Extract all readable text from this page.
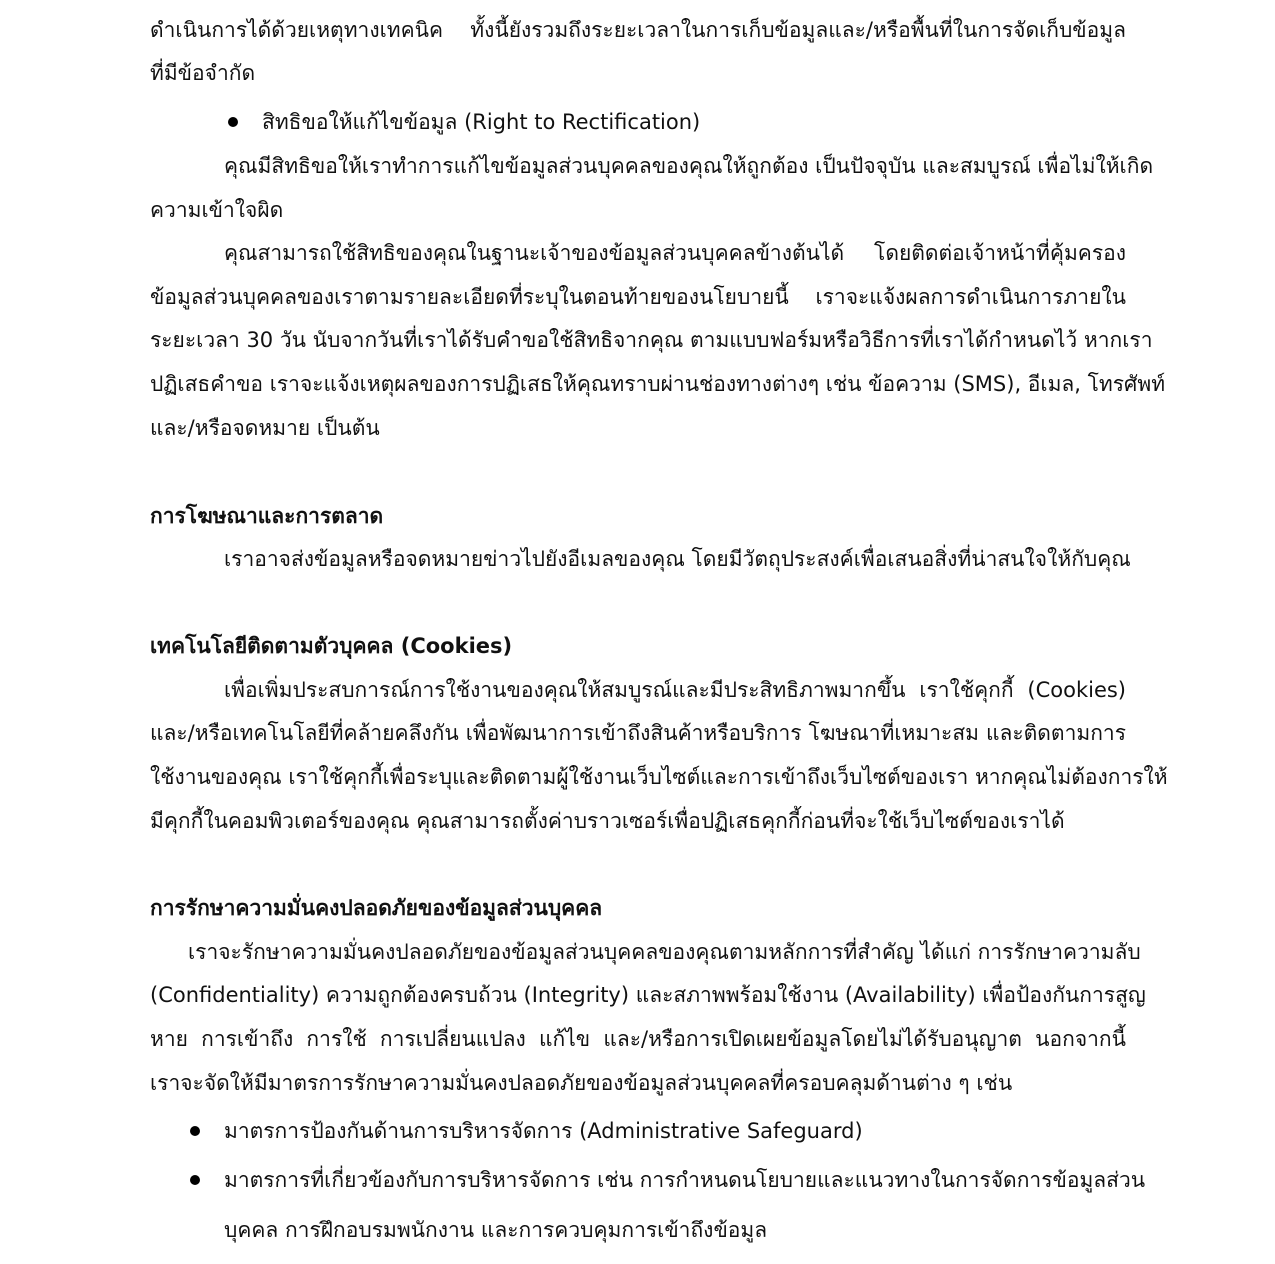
ดำเนินการได้ด้วยเหตุทางเทคนิค ทั้งนี้ยังรวมถึงระยะเวลาในการเก็บข้อมูลและ/หรือพื้นที่ในการจัดเก็บข้อมูล
ที่มีข้อจำกัด
สิทธิขอให้แก้ไขข้อมูล (Right to Rectification)
คุณมีสิทธิขอให้เราทำการแก้ไขข้อมูลส่วนบุคคลของคุณให้ถูกต้อง เป็นปัจจุบัน และสมบูรณ์ เพื่อไม่ให้เกิด
ความเข้าใจผิด
คุณสามารถใช้สิทธิของคุณในฐานะเจ้าของข้อมูลส่วนบุคคลข้างต้นได้ โดยติดต่อเจ้าหน้าที่คุ้มครอง
ข้อมูลส่วนบุคคลของเราตามรายละเอียดที่ระบุในตอนท้ายของนโยบายนี้ เราจะแจ้งผลการดำเนินการภายใน
ระยะเวลา 30 วัน นับจากวันที่เราได้รับคำขอใช้สิทธิจากคุณ ตามแบบฟอร์มหรือวิธีการที่เราได้กำหนดไว้ หากเรา
ปฏิเสธคำขอ เราจะแจ้งเหตุผลของการปฏิเสธให้คุณทราบผ่านช่องทางต่างๆ เช่น ข้อความ (SMS), อีเมล, โทรศัพท์
และ/หรือจดหมาย เป็นต้น
การโฆษณาและการตลาด
เราอาจส่งข้อมูลหรือจดหมายข่าวไปยังอีเมลของคุณ โดยมีวัตถุประสงค์เพื่อเสนอสิ่งที่น่าสนใจให้กับคุณ
เทคโนโลยีติดตามตัวบุคคล (Cookies)
เพื่อเพิ่มประสบการณ์การใช้งานของคุณให้สมบูรณ์และมีประสิทธิภาพมากขึ้น เราใช้คุกกี้ (Cookies)
และ/หรือเทคโนโลยีที่คล้ายคลึงกัน เพื่อพัฒนาการเข้าถึงสินค้าหรือบริการ โฆษณาที่เหมาะสม และติดตามการ
ใช้งานของคุณ เราใช้คุกกี้เพื่อระบุและติดตามผู้ใช้งานเว็บไซต์และการเข้าถึงเว็บไซต์ของเรา หากคุณไม่ต้องการให้
มีคุกกี้ในคอมพิวเตอร์ของคุณ คุณสามารถตั้งค่าบราวเซอร์เพื่อปฏิเสธคุกกี้ก่อนที่จะใช้เว็บไซต์ของเราได้
การรักษาความมั่นคงปลอดภัยของข้อมูลส่วนบุคคล
เราจะรักษาความมั่นคงปลอดภัยของข้อมูลส่วนบุคคลของคุณตามหลักการที่สำคัญ ได้แก่ การรักษาความลับ
(Confidentiality) ความถูกต้องครบถ้วน (Integrity) และสภาพพร้อมใช้งาน (Availability) เพื่อป้องกันการสูญ
หาย การเข้าถึง การใช้ การเปลี่ยนแปลง แก้ไข และ/หรือการเปิดเผยข้อมูลโดยไม่ได้รับอนุญาต นอกจากนี้
เราจะจัดให้มีมาตรการรักษาความมั่นคงปลอดภัยของข้อมูลส่วนบุคคลที่ครอบคลุมด้านต่าง ๆ เช่น
มาตรการป้องกันด้านการบริหารจัดการ (Administrative Safeguard)
มาตรการที่เกี่ยวข้องกับการบริหารจัดการ เช่น การกำหนดนโยบายและแนวทางในการจัดการข้อมูลส่วน
บุคคล การฝึกอบรมพนักงาน และการควบคุมการเข้าถึงข้อมูล
